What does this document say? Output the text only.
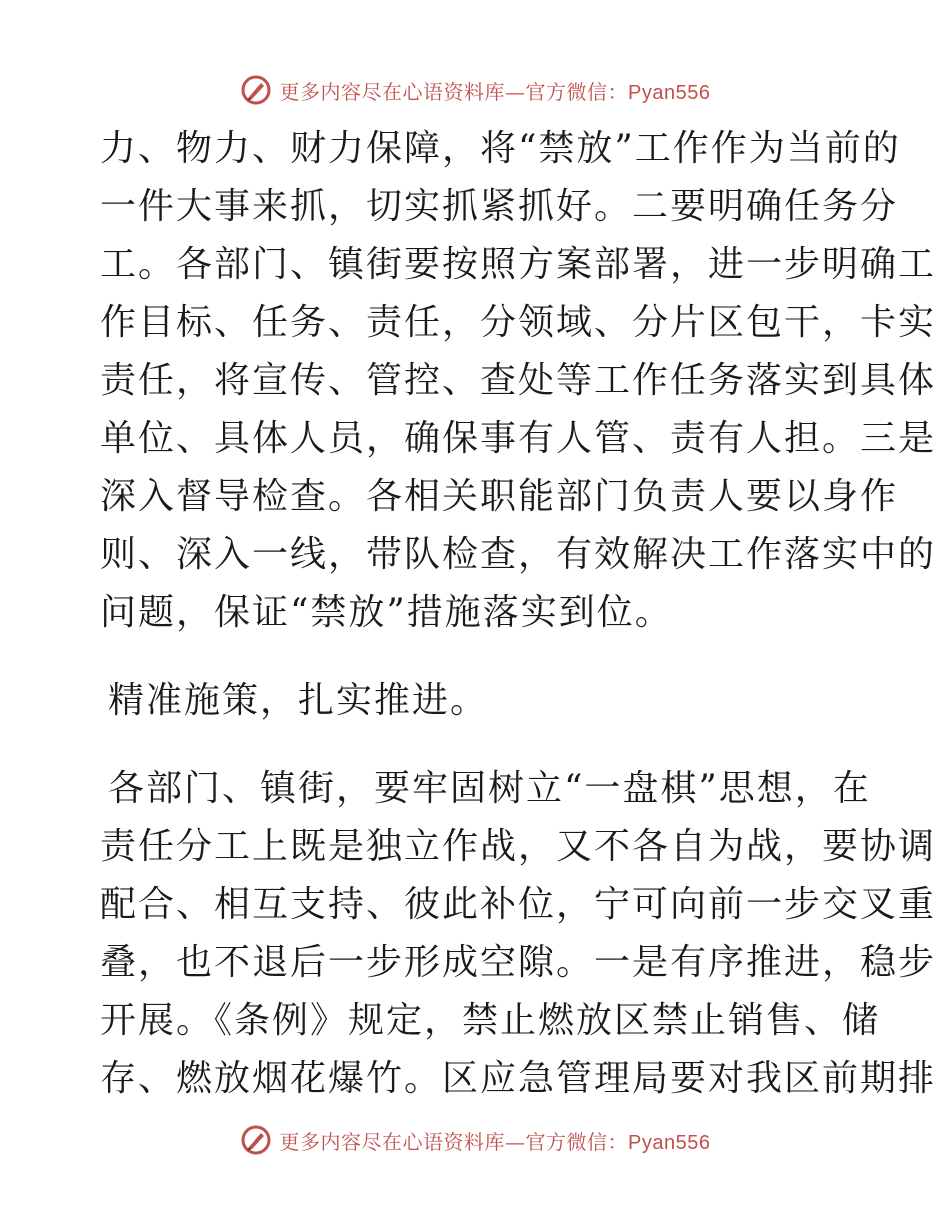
更多内容尽在心语资料库—官方微信：Pyan556
力、物力、财力保障，将“禁放”工作作为当前的
一件大事来抓，切实抓紧抓好。二要明确任务分
工。各部门、镇街要按照方案部署，进一步明确工
作目标、任务、责任，分领域、分片区包干，卡实
责任，将宣传、管控、查处等工作任务落实到具体
单位、具体人员，确保事有人管、责有人担。三是
深入督导检查。各相关职能部门负责人要以身作
则、深入一线，带队检查，有效解决工作落实中的
问题，保证“禁放”措施落实到位。
精准施策，扎实推进。
各部门、镇街，要牢固树立“一盘棋”思想，在
责任分工上既是独立作战，又不各自为战，要协调
配合、相互支持、彼此补位，宁可向前一步交叉重
叠，也不退后一步形成空隙。一是有序推进，稳步
开展。《条例》规定，禁止燃放区禁止销售、储
存、燃放烟花爆竹。区应急管理局要对我区前期排
更多内容尽在心语资料库—官方微信：Pyan556
